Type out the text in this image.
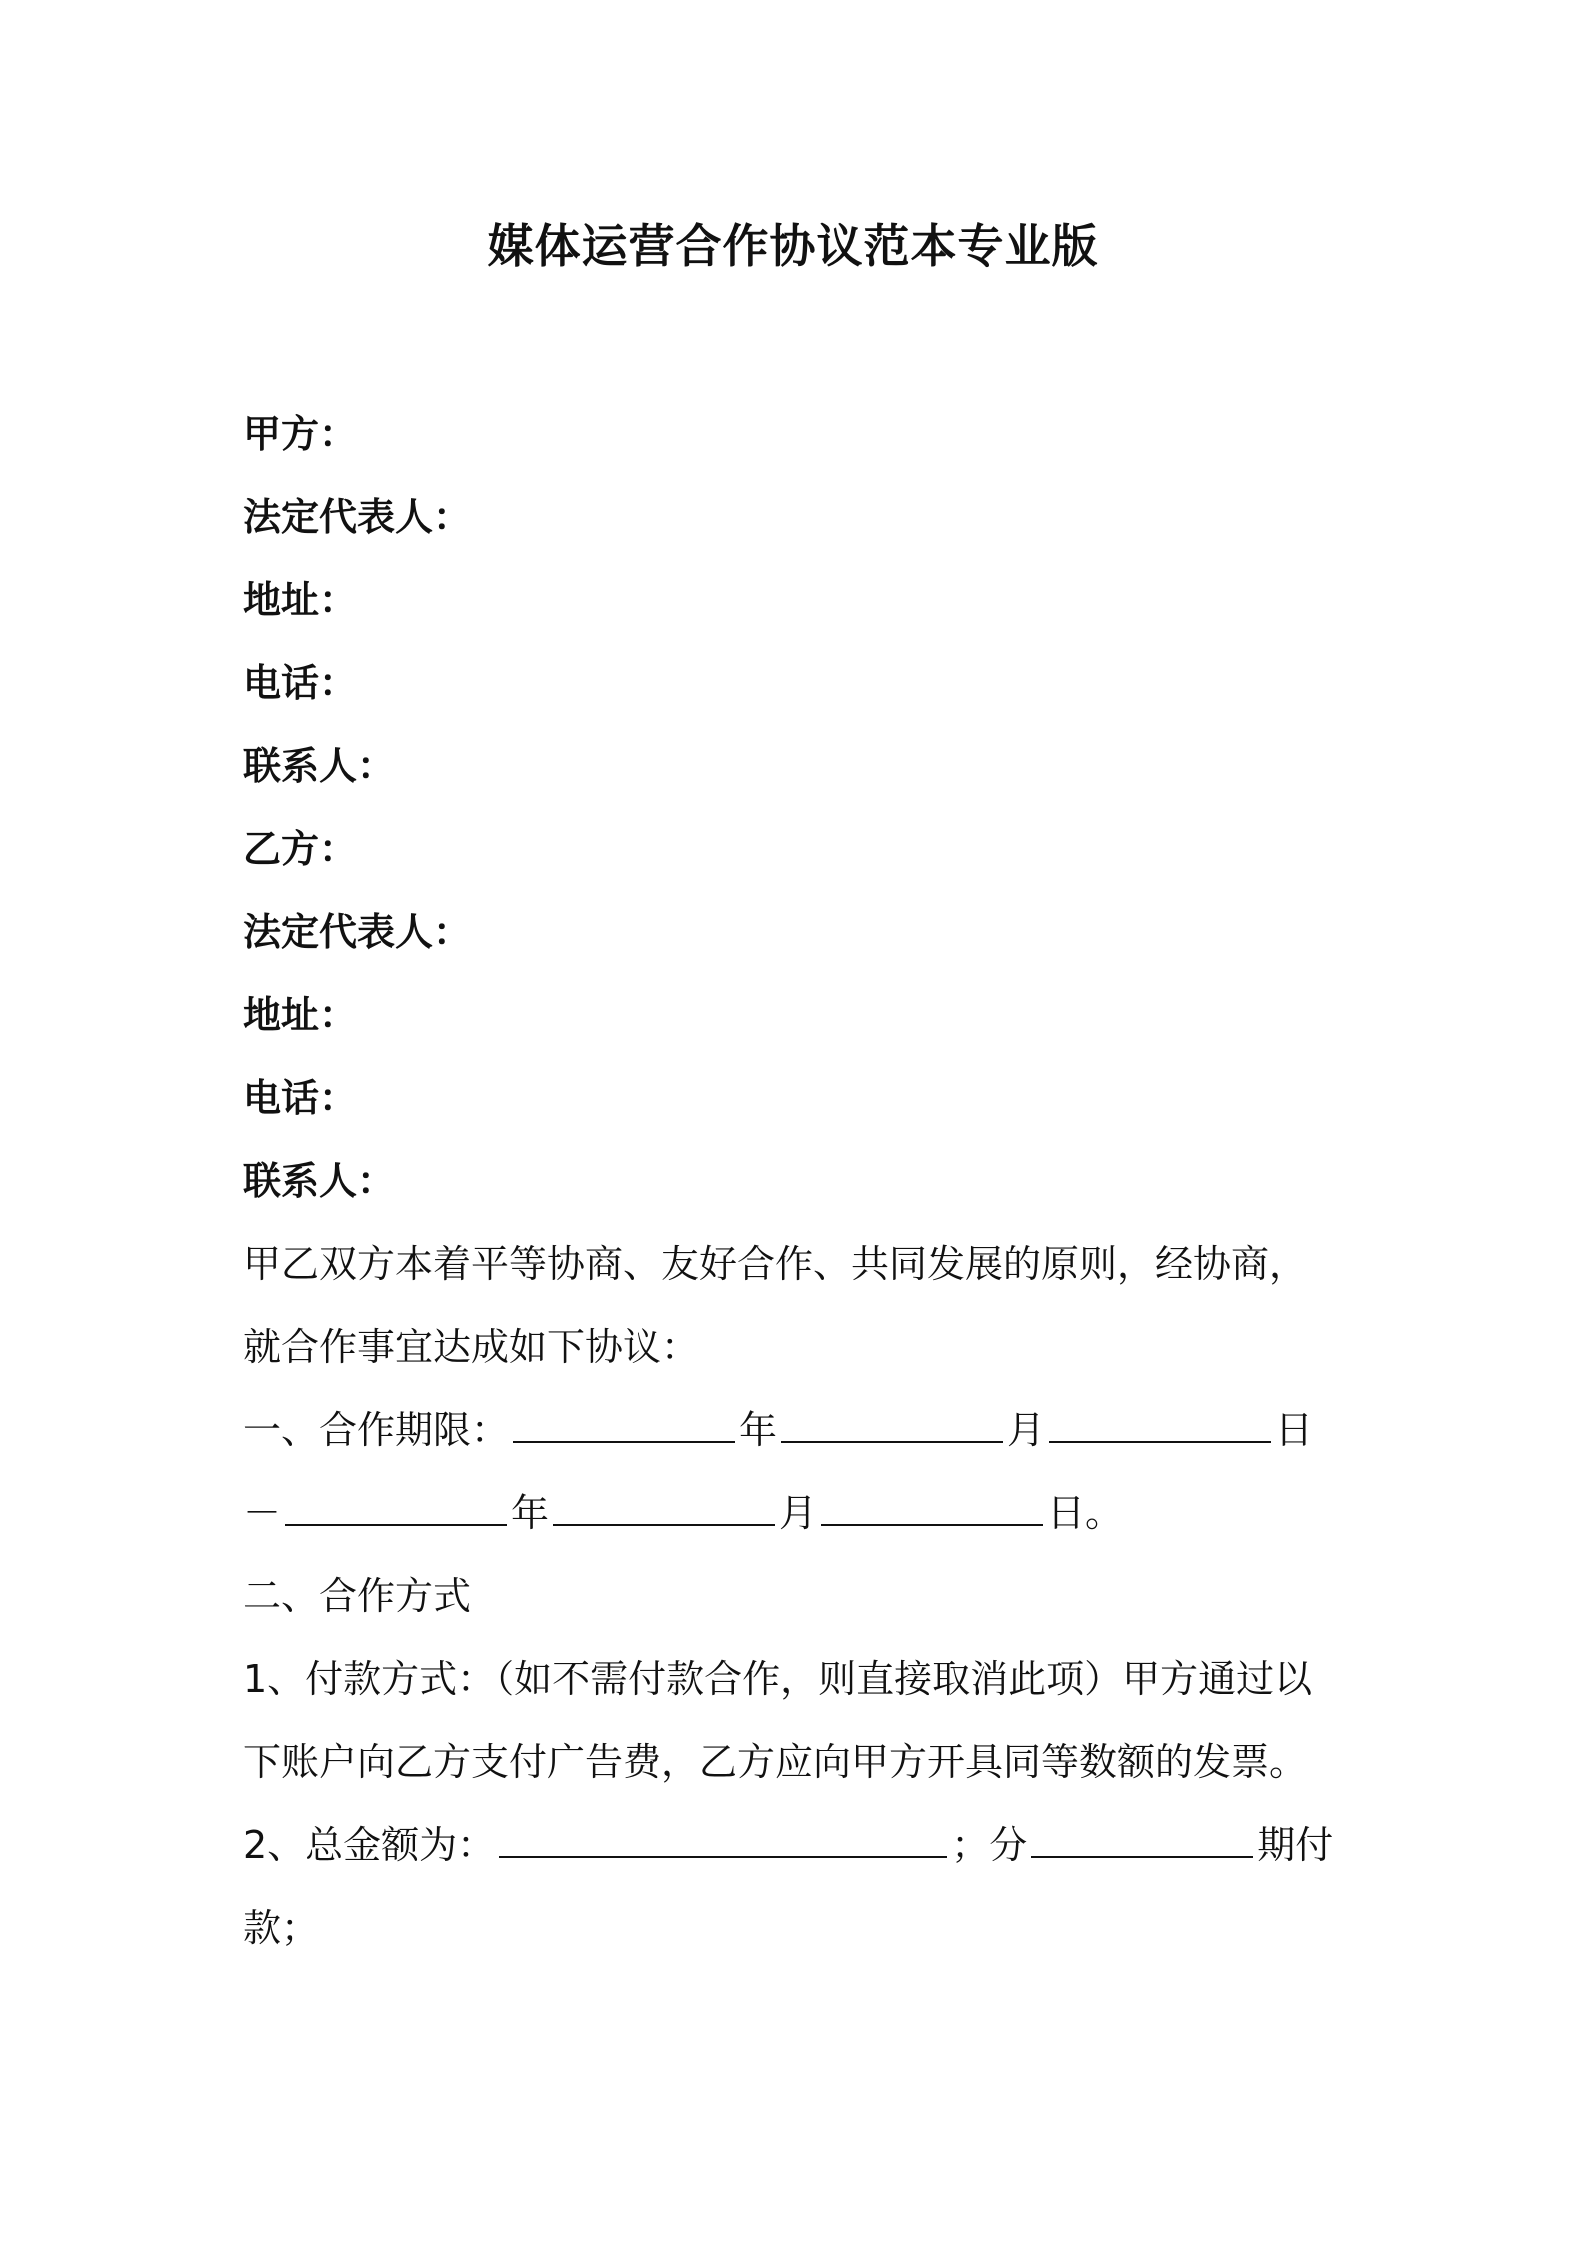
媒体运营合作协议范本专业版

甲方：

法定代表人：

地址：

电话：

联系人：

乙方：

法定代表人：

地址：

电话：

联系人：

甲乙双方本着平等协商、友好合作、共同发展的原则，经协商，

就合作事宜达成如下协议：

一、合作期限：	年	月	日

－	年	月	日。

二、合作方式

1、付款方式：（如不需付款合作，则直接取消此项）甲方通过以

下账户向乙方支付广告费，乙方应向甲方开具同等数额的发票。

2、总金额为：	；分	期付

款；
